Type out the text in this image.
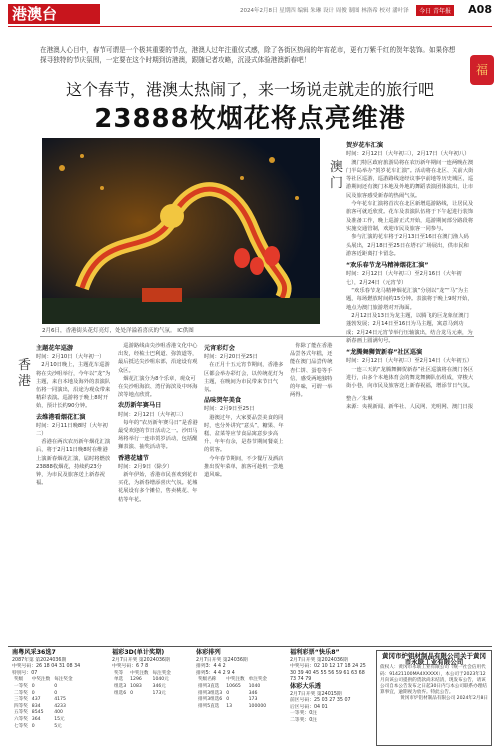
港澳台	2024年2月8日 星期四 编辑 朱琳 设计 周俊 制图 林洛希 校对 潘叶泽	今日 青年报 A08
在港澳人心目中，春节可谓是一个极其重要的节点，港澳人过年注重仪式感，除了各街区热闹的年宵花市，更有万紫千红的贺年装饰。如果你想探寻独特的节庆氛围，一定要在这个时期到访港澳，跟随记者攻略，沉浸式体验港澳新春吧！
福
这个春节，港澳太热闹了，来一场说走就走的旅行吧
23888枚烟花将点亮维港
2月6日，香港街头花灯亮灯，处处洋溢着喜庆的气氛。 IC供图
澳门
贺岁花车汇演

时间：2月12日（大年初三），2月17日（大年初八）

澳门特区政府旅游局将在农历新年期间一连两晚在澳门半岛举办“贺岁花车汇演”。活动将在北区、关前大街等社区巡游，巡游路线途经议事亭前地等历史城区，巡游期间还有澳门本地及外地的舞蹈表演团体演出，让市民及旅客感受新春的热闹气氛。

今年花车汇演将首次在北区新增巡游路线，让居民及旅客可就近欣赏。花车及表演队伍将于下午起进行装饰及准备工作，晚上巡游正式开始，巡游期间部分路段将实施交通管制，欢迎市民及旅客一同参与。

参与汇演的花车将于2月13日至16日在澳门渔人码头展出，2月18日至25日在塔石广场展出，供市民和游客近距离打卡留念。

“欢乐春节龙马精神烟花汇演”

时间：2月12日（大年初三）至2月16日（大年初七），2月24日（元宵节）

“欢乐春节龙马精神烟花汇演”分别以“龙”“马”为主题，每场燃放时间约15分钟。表演将于晚上9时开始，地点为澳门旅游塔对开海面。

2月12日及13日为龙主题，以腾飞的巨龙象征澳门蓬勃发展；2月14日至16日为马主题，寓意马到功成；2月24日元宵节举行压轴演出，结合龙马元素，为新春画上圆满句号。

“龙腾舞狮贺新春”社区巡演

时间：2月12日（大年初三）至2月14日（大年初五）

一连三天的“龙腾舞狮贺新春”社区巡演将在澳门各区进行，由多个本地体育会的舞龙舞狮队伍组成，穿梭大街小巷，向市民及旅客送上新春祝福，增添节日气氛。

整合／朱琳
来源：央视新闻、新华社、人民网、光明网、澳门日报
香港
主题花年巡游

时间：2月10日（大年初一）

2月10日晚上，主题花车巡游将在尖沙咀举行，今年以“龙”为主题，来自本地及海外的表演队伍将一同演出，沿途为观众带来精彩表演。巡游将于晚上8时开始，预计长约90分钟。

去维港看烟花汇演

时间：2月11日晚8时（大年初二）

香港在两次农历新年烟花汇演后，将于2月11日晚8时在维港上演新春烟花汇演，届时将燃放23888枚烟花，持续约23分钟，为市民及旅客送上新春祝福。

巡游路线由尖沙咀香港文化中心出发，经梳士巴利道、弥敦道等，最后抵达尖沙咀东部，沿途设有观众区。

烟花汇演分为8个乐章，观众可在尖沙咀海滨、湾仔海滨及中环海滨等地点欣赏。

农历新年赛马日

时间：2月12日（大年初三）

每年的“农历新年赛马日”是香港最受欢迎的节日活动之一。沙田马场将举行一连串贺岁活动，包括醒狮表演、抽奖活动等。

香港花墟节

时间：2月9日（除夕）

新年伊始，香港市民喜欢到花市买花，为新春增添喜庆气氛。花墟花展设有多个摊位，售卖桃花、年桔等年花。

元宵彩灯会

时间：2月20日至25日

在正月十五元宵节期间，香港多区都会举办彩灯会，以传统花灯为主题，在晚间为市民带来节日气氛。

品味贺年美食

时间：2月9日至25日

港澳过年，大家要品尝美食的同时，也分外讲究“意头”，糖果、年糕、盆菜等应节食品寓意步步高升、年年有余，是春节期间餐桌上的常客。

今年春节期间，不少餐厅及酒店推出贺年菜单，旅客可趁机一尝地道风味。

你除了能在香港品尝各式年糕，还能在澳门品尝传统杏仁饼、蛋卷等手信，感受两地独特的年味，可谓一举两得。

南粤风采36选7
2087年第 第2024036期
中奖号码：26 18 04 31 08 34
特别号：07
奖级	中奖注数	每注奖金
一等奖	0	0
二等奖	0	0
三等奖	437	4175
四等奖	834	4233
五等奖	8545	400
六等奖	364	15元
七等奖	0	5元
福彩3D(单计奖期)
2月7日开奖 第2024036期
中奖号码：6 7 8
奖等	中奖注数	每注奖金
单选	1296	1040元
组选3	1083	346元
组选6	0	173元
体彩排列
2月7日开奖 第24036期
排列3：4 4 2
排列5：4 4 2 9 4
奖级名称	中奖注数	单注奖金
排列3直选	10665	1040
排列3组选3	0	346
排列3组选6	0	173
排列5直选	13	100000
福利彩票“快乐8”
2月7日开奖 第2024036期
中奖号码：02 10 12 17 18 24 25 30 39 40 45 55 56 59 61 63 68 73 74 79
体彩大乐透
2月7日开奖 第24015期
前区号码：25 03 27 35 07
后区号码：04 01
一等奖：0注
二等奖：0注
黄冈市炉铝材制品有限公司关于黄冈市永联工业有限公司

债权人：黄冈市永联工业有限公司（统一社会信用代码：91421100MA4XXXXX），本公司于2023年12月向该公司提供的货款尚未结清，现发布公告，请该公司自本公告发布之日起30日内与本公司联系办理结算事宜，逾期视为放弃。特此公告。

黄冈市炉铝材制品有限公司 2024年2月8日
